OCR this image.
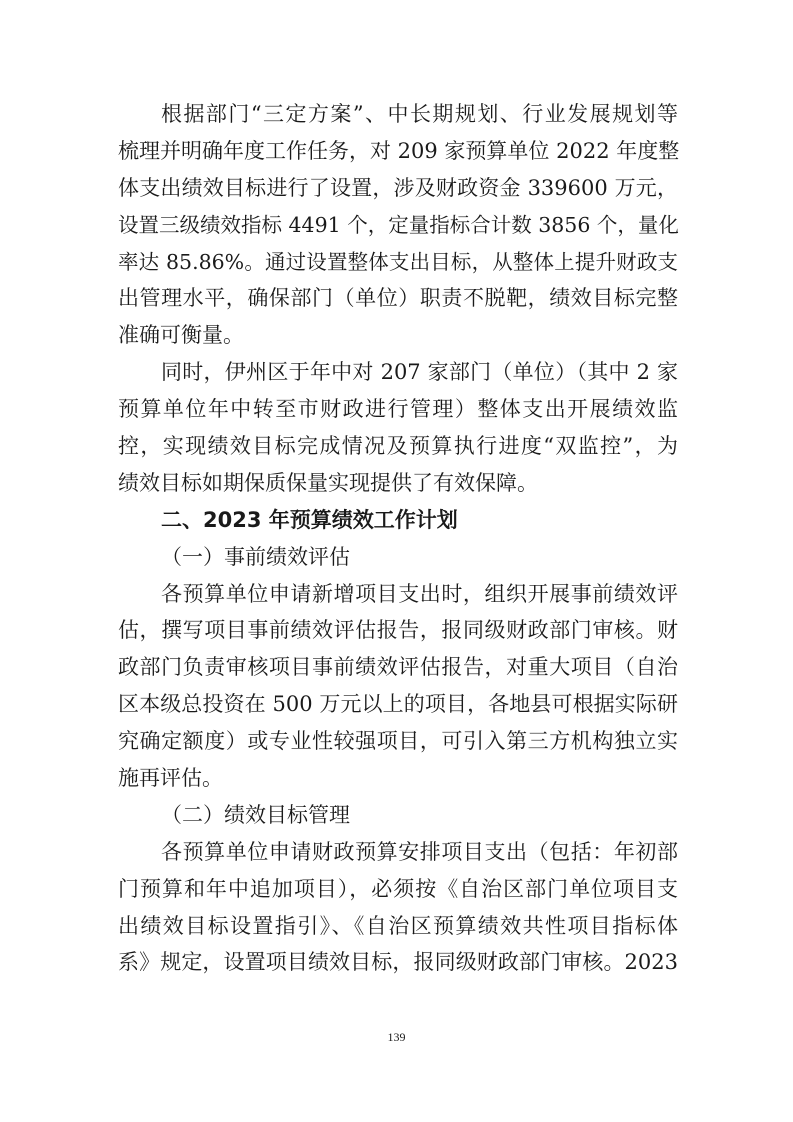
根据部门“三定方案”、中长期规划、行业发展规划等
梳理并明确年度工作任务，对 209 家预算单位 2022 年度整
体支出绩效目标进行了设置，涉及财政资金 339600 万元，
设置三级绩效指标 4491 个，定量指标合计数 3856 个，量化
率达 85.86%。通过设置整体支出目标，从整体上提升财政支
出管理水平，确保部门（单位）职责不脱靶，绩效目标完整
准确可衡量。
同时，伊州区于年中对 207 家部门（单位）（其中 2 家
预算单位年中转至市财政进行管理）整体支出开展绩效监
控，实现绩效目标完成情况及预算执行进度“双监控”，为
绩效目标如期保质保量实现提供了有效保障。
二、2023 年预算绩效工作计划
（一）事前绩效评估
各预算单位申请新增项目支出时，组织开展事前绩效评
估，撰写项目事前绩效评估报告，报同级财政部门审核。财
政部门负责审核项目事前绩效评估报告，对重大项目（自治
区本级总投资在 500 万元以上的项目，各地县可根据实际研
究确定额度）或专业性较强项目，可引入第三方机构独立实
施再评估。
（二）绩效目标管理
各预算单位申请财政预算安排项目支出（包括：年初部
门预算和年中追加项目），必须按《自治区部门单位项目支
出绩效目标设置指引》、《自治区预算绩效共性项目指标体
系》规定，设置项目绩效目标，报同级财政部门审核。2023
139
